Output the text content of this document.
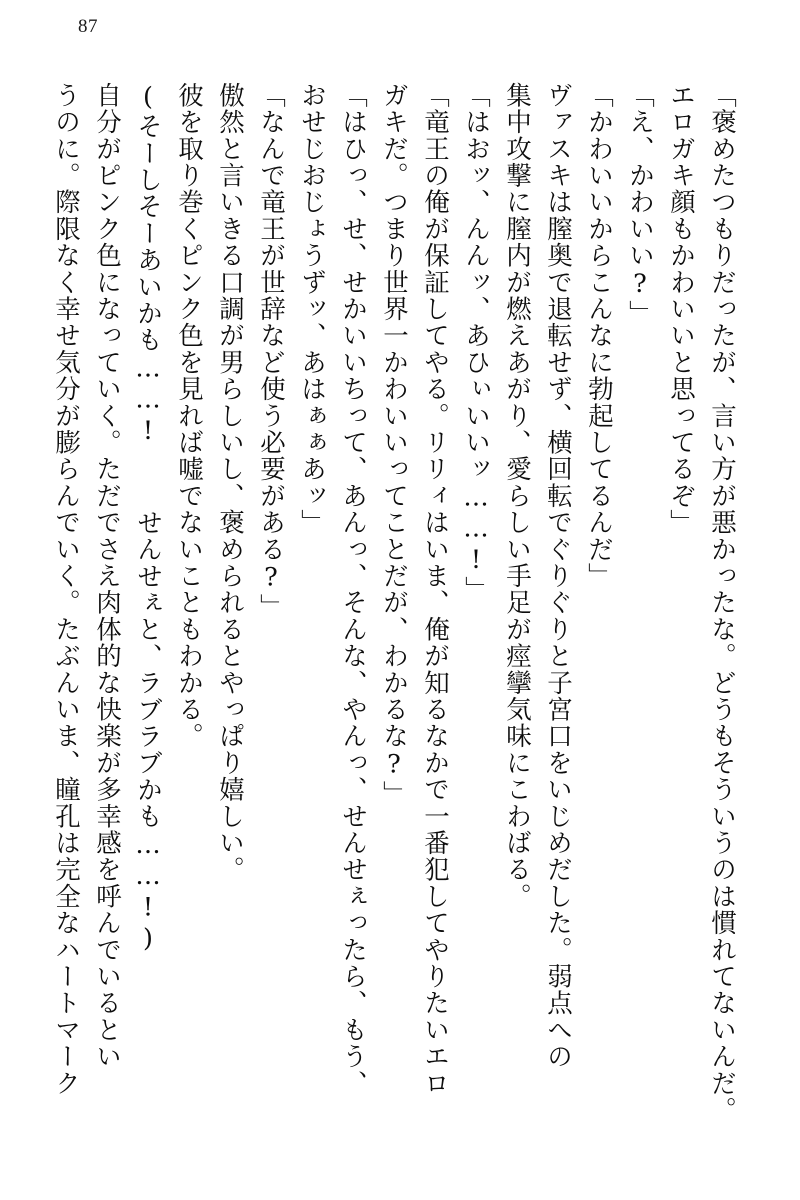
87
「褒めたつもりだったが、言い方が悪かったな。どうもそういうのは慣れてないんだ。
エロガキ顔もかわいいと思ってるぞ」
「え、かわいい?」
「かわいいからこんなに勃起してるんだ」
ヴァスキは膣奥で退転せず、横回転でぐりぐりと子宮口をいじめだした。弱点への
集中攻撃に膣内が燃えあがり、愛らしい手足が痙攣気味にこわばる。
「はおッ、んんッ、あひぃいいッ……!」
「竜王の俺が保証してやる。リリィはいま、俺が知るなかで一番犯してやりたいエロ
ガキだ。つまり世界一かわいいってことだが、わかるな?」
「はひっ、せ、せかいいちって、あんっ、そんな、やんっ、せんせぇったら、もう、
おせじおじょうずッ、あはぁぁあッ」
「なんで竜王が世辞など使う必要がある?」
傲然と言いきる口調が男らしいし、褒められるとやっぱり嬉しい。
彼を取り巻くピンク色を見れば嘘でないこともわかる。
(そーしそーあいかも……!  せんせぇと、ラブラブかも……!)
自分がピンク色になっていく。ただでさえ肉体的な快楽が多幸感を呼んでいるとい
うのに。際限なく幸せ気分が膨らんでいく。たぶんいま、瞳孔は完全なハートマーク
